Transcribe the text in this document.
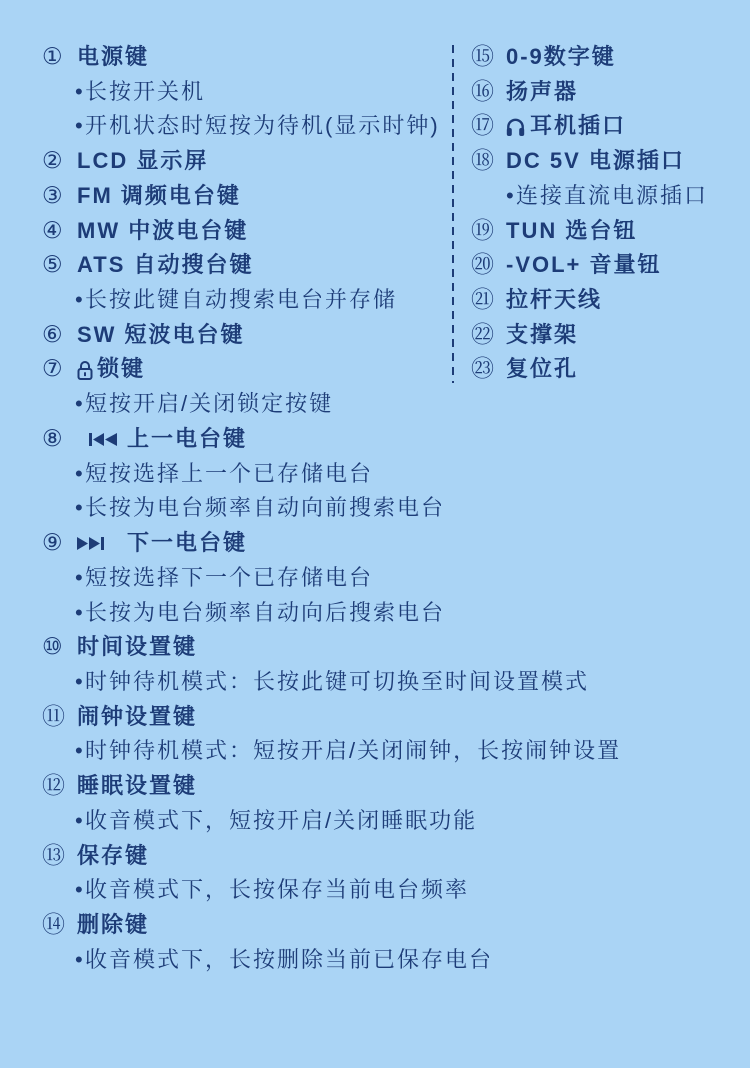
① 电源键
• 长按开关机
• 开机状态时短按为待机(显示时钟)
② LCD 显示屏
③ FM 调频电台键
④ MW 中波电台键
⑤ ATS 自动搜台键
• 长按此键自动搜索电台并存储
⑥ SW 短波电台键
⑦ 锁键
• 短按开启/关闭锁定按键
⑧	上一电台键
• 短按选择上一个已存储电台
• 长按为电台频率自动向前搜索电台
⑨	下一电台键
• 短按选择下一个已存储电台
• 长按为电台频率自动向后搜索电台
⑩ 时间设置键
• 时钟待机模式：长按此键可切换至时间设置模式
⑪ 闹钟设置键
• 时钟待机模式：短按开启/关闭闹钟，长按闹钟设置
⑫ 睡眠设置键
• 收音模式下，短按开启/关闭睡眠功能
⑬ 保存键
• 收音模式下，长按保存当前电台频率
⑭ 删除键
• 收音模式下，长按删除当前已保存电台
⑮ 0-9数字键
⑯ 扬声器
⑰ 耳机插口
⑱ DC 5V 电源插口
• 连接直流电源插口
⑲ TUN 选台钮
⑳ -VOL+ 音量钮
㉑ 拉杆天线
㉒ 支撑架
㉓ 复位孔
